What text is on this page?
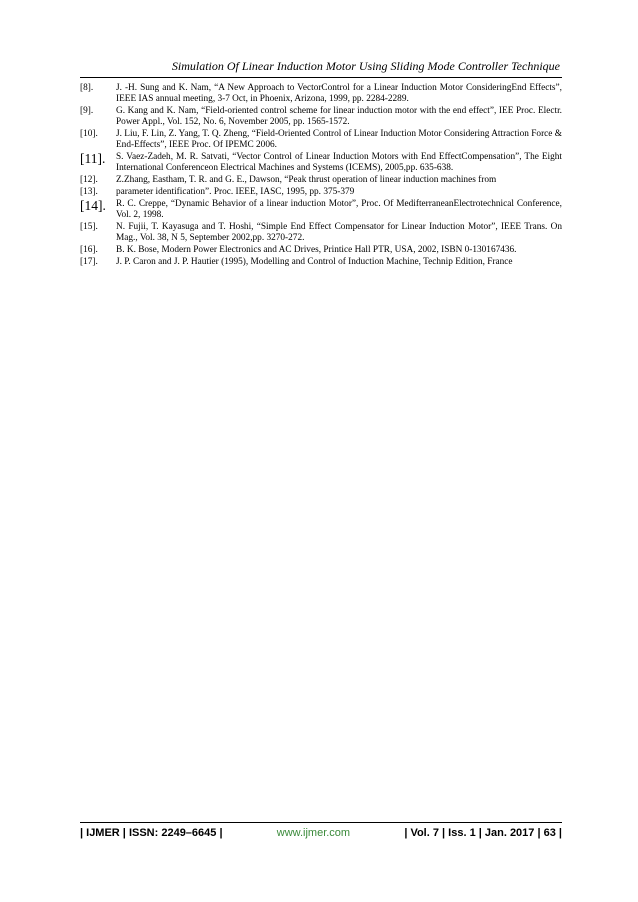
Simulation Of Linear Induction Motor Using Sliding Mode Controller Technique
[8].	J. -H. Sung and K. Nam, “A New Approach to VectorControl for a Linear Induction Motor ConsideringEnd Effects”, IEEE IAS annual meeting, 3-7 Oct, in Phoenix, Arizona, 1999, pp. 2284-2289.
[9].	G. Kang and K. Nam, “Field-oriented control scheme for linear induction motor with the end effect”, IEE Proc. Electr. Power Appl., Vol. 152, No. 6, November 2005, pp. 1565-1572.
[10].	J. Liu, F. Lin, Z. Yang, T. Q. Zheng, “Field-Oriented Control of Linear Induction Motor Considering Attraction Force & End-Effects”, IEEE Proc. Of IPEMC 2006.
[11].	S. Vaez-Zadeh, M. R. Satvati, “Vector Control of Linear Induction Motors with End EffectCompensation”, The Eight International Conferenceon Electrical Machines and Systems (ICEMS), 2005,pp. 635-638.
[12].	Z.Zhang, Eastham, T. R. and G. E., Dawson, “Peak thrust operation of linear induction machines from
[13].	parameter identification”. Proc. IEEE, IASC, 1995, pp. 375-379
[14].	R. C. Creppe, “Dynamic Behavior of a linear induction Motor”, Proc. Of MedifterraneanElectrotechnical Conference, Vol. 2, 1998.
[15].	N. Fujii, T. Kayasuga and T. Hoshi, “Simple End Effect Compensator for Linear Induction Motor”, IEEE Trans. On Mag., Vol. 38, N 5, September 2002,pp. 3270-272.
[16].	B. K. Bose, Modern Power Electronics and AC Drives, Printice Hall PTR, USA, 2002, ISBN 0-130167436.
[17].	J. P. Caron and J. P. Hautier (1995), Modelling and Control of Induction Machine, Technip Edition, France
| IJMER | ISSN: 2249–6645 |	www.ijmer.com	| Vol. 7 | Iss. 1 | Jan. 2017 | 63 |
